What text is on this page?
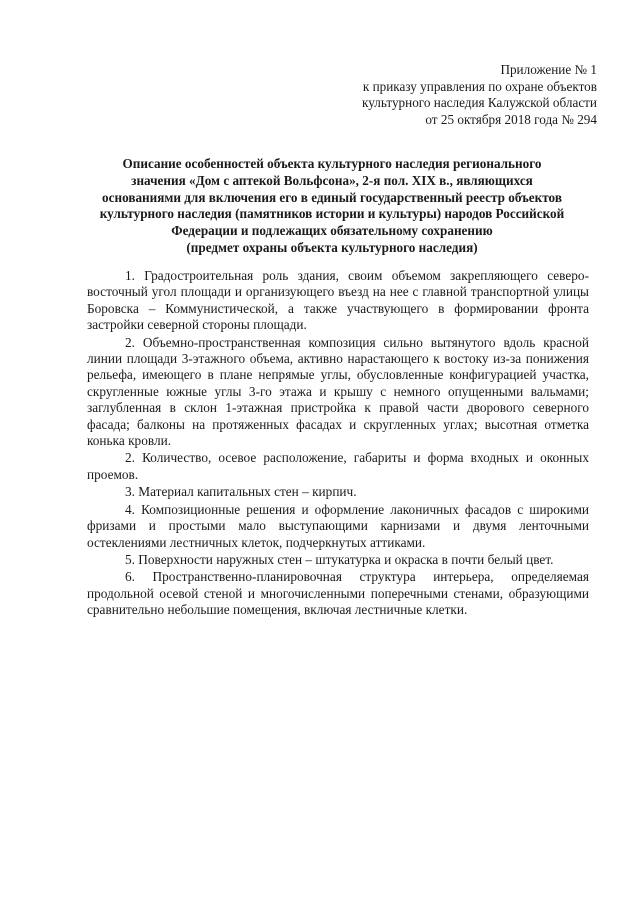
Приложение № 1
к приказу управления по охране объектов
культурного наследия Калужской области
от 25 октября 2018 года № 294
Описание особенностей объекта культурного наследия регионального
значения «Дом с аптекой Вольфсона», 2-я пол. XIX в., являющихся
основаниями для включения его в единый государственный реестр объектов
культурного наследия (памятников истории и культуры) народов Российской
Федерации и подлежащих обязательному сохранению
(предмет охраны объекта культурного наследия)

1. Градостроительная роль здания, своим объемом закрепляющего северо-восточный угол площади и организующего въезд на нее с главной транспортной улицы Боровска – Коммунистической, а также участвующего в формировании фронта застройки северной стороны площади.

2. Объемно-пространственная композиция сильно вытянутого вдоль красной линии площади 3-этажного объема, активно нарастающего к востоку из-за понижения рельефа, имеющего в плане непрямые углы, обусловленные конфигурацией участка, скругленные южные углы 3-го этажа и крышу с немного опущенными вальмами; заглубленная в склон 1-этажная пристройка к правой части дворового северного фасада; балконы на протяженных фасадах и скругленных углах; высотная отметка конька кровли.

2. Количество, осевое расположение, габариты и форма входных и оконных проемов.

3. Материал капитальных стен – кирпич.

4. Композиционные решения и оформление лаконичных фасадов с широкими фризами и простыми мало выступающими карнизами и двумя ленточными остеклениями лестничных клеток, подчеркнутых аттиками.

5. Поверхности наружных стен – штукатурка и окраска в почти белый цвет.

6. Пространственно-планировочная структура интерьера, определяемая продольной осевой стеной и многочисленными поперечными стенами, образующими сравнительно небольшие помещения, включая лестничные клетки.
